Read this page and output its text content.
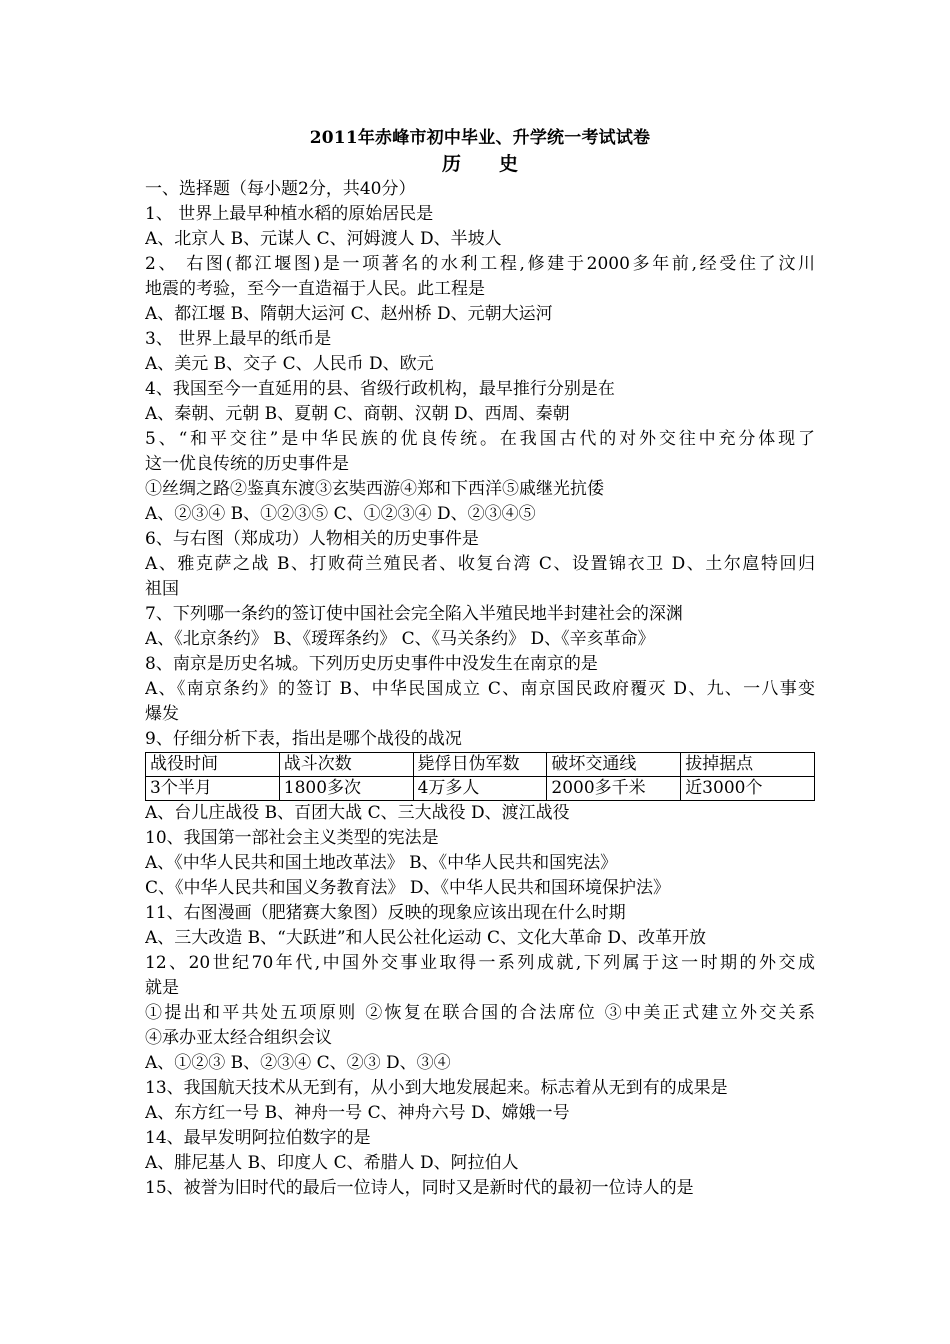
2011年赤峰市初中毕业、升学统一考试试卷
历　　史
一、选择题（每小题2分，共40分）
1、 世界上最早种植水稻的原始居民是
A、北京人 B、元谋人 C、河姆渡人 D、半坡人
2、 右图(都江堰图)是一项著名的水利工程,修建于2000多年前,经受住了汶川
地震的考验，至今一直造福于人民。此工程是
A、都江堰 B、隋朝大运河 C、赵州桥 D、元朝大运河
3、 世界上最早的纸币是
A、美元 B、交子 C、人民币 D、欧元
4、我国至今一直延用的县、省级行政机构，最早推行分别是在
A、秦朝、元朝 B、夏朝 C、商朝、汉朝 D、西周、秦朝
5、“和平交往”是中华民族的优良传统。在我国古代的对外交往中充分体现了
这一优良传统的历史事件是
①丝绸之路②鉴真东渡③玄奘西游④郑和下西洋⑤戚继光抗倭
A、②③④ B、①②③⑤ C、①②③④ D、②③④⑤
6、与右图（郑成功）人物相关的历史事件是
A、雅克萨之战 B、打败荷兰殖民者、收复台湾 C、设置锦衣卫 D、土尔扈特回归
祖国
7、下列哪一条约的签订使中国社会完全陷入半殖民地半封建社会的深渊
A、《北京条约》 B、《瑷珲条约》 C、《马关条约》 D、《辛亥革命》
8、南京是历史名城。下列历史历史事件中没发生在南京的是
A、《南京条约》的签订 B、中华民国成立 C、南京国民政府覆灭 D、九、一八事变
爆发
9、仔细分析下表，指出是哪个战役的战况
战役时间	战斗次数	毙俘日伪军数	破坏交通线	拔掉据点
3个半月	1800多次	4万多人	2000多千米	近3000个
A、台儿庄战役 B、百团大战 C、三大战役 D、渡江战役
10、我国第一部社会主义类型的宪法是
A、《中华人民共和国土地改革法》 B、《中华人民共和国宪法》
C、《中华人民共和国义务教育法》 D、《中华人民共和国环境保护法》
11、右图漫画（肥猪赛大象图）反映的现象应该出现在什么时期
A、三大改造 B、“大跃进”和人民公社化运动 C、文化大革命 D、改革开放
12、20世纪70年代,中国外交事业取得一系列成就,下列属于这一时期的外交成
就是
①提出和平共处五项原则 ②恢复在联合国的合法席位 ③中美正式建立外交关系
④承办亚太经合组织会议
A、①②③ B、②③④ C、②③ D、③④
13、我国航天技术从无到有，从小到大地发展起来。标志着从无到有的成果是
A、东方红一号 B、神舟一号 C、神舟六号 D、嫦娥一号
14、最早发明阿拉伯数字的是
A、腓尼基人 B、印度人 C、希腊人 D、阿拉伯人
15、被誉为旧时代的最后一位诗人，同时又是新时代的最初一位诗人的是
